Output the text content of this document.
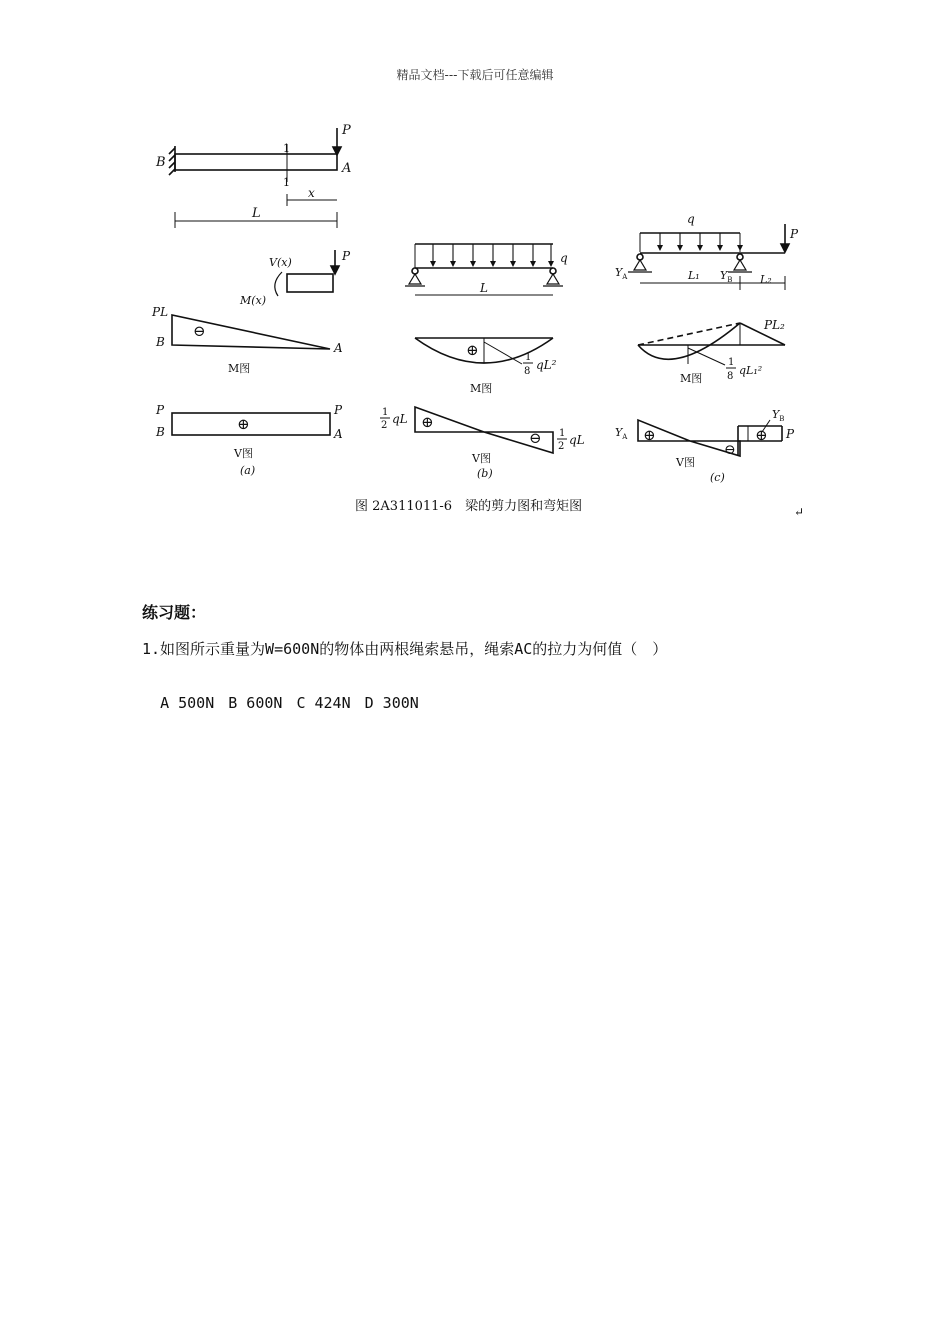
精品文档---下载后可任意编辑
B	A
P
1
1
x
L
P
V(x)
M(x)
PL
B	A
⊖
M图
P
B
P
A
⊕
V图
(a)
q
L
⊕	1
8 qL²
M图
1
2 qL ⊕
⊖ 1
2 qL
V图
(b)
q
P
$Y_A$	L₁ $Y_B$	L₂
PL₂
1
8 qL₁²
M图
$Y_A$ ⊕
⊖
⊕
$Y_B$
P
V图
(c)
图 2A311011-6　梁的剪力图和弯矩图	↵
练习题：
1.如图所示重量为W=600N的物体由两根绳索悬吊，绳索AC的拉力为何值（　）

A 500N B 600N C 424N D 300N
